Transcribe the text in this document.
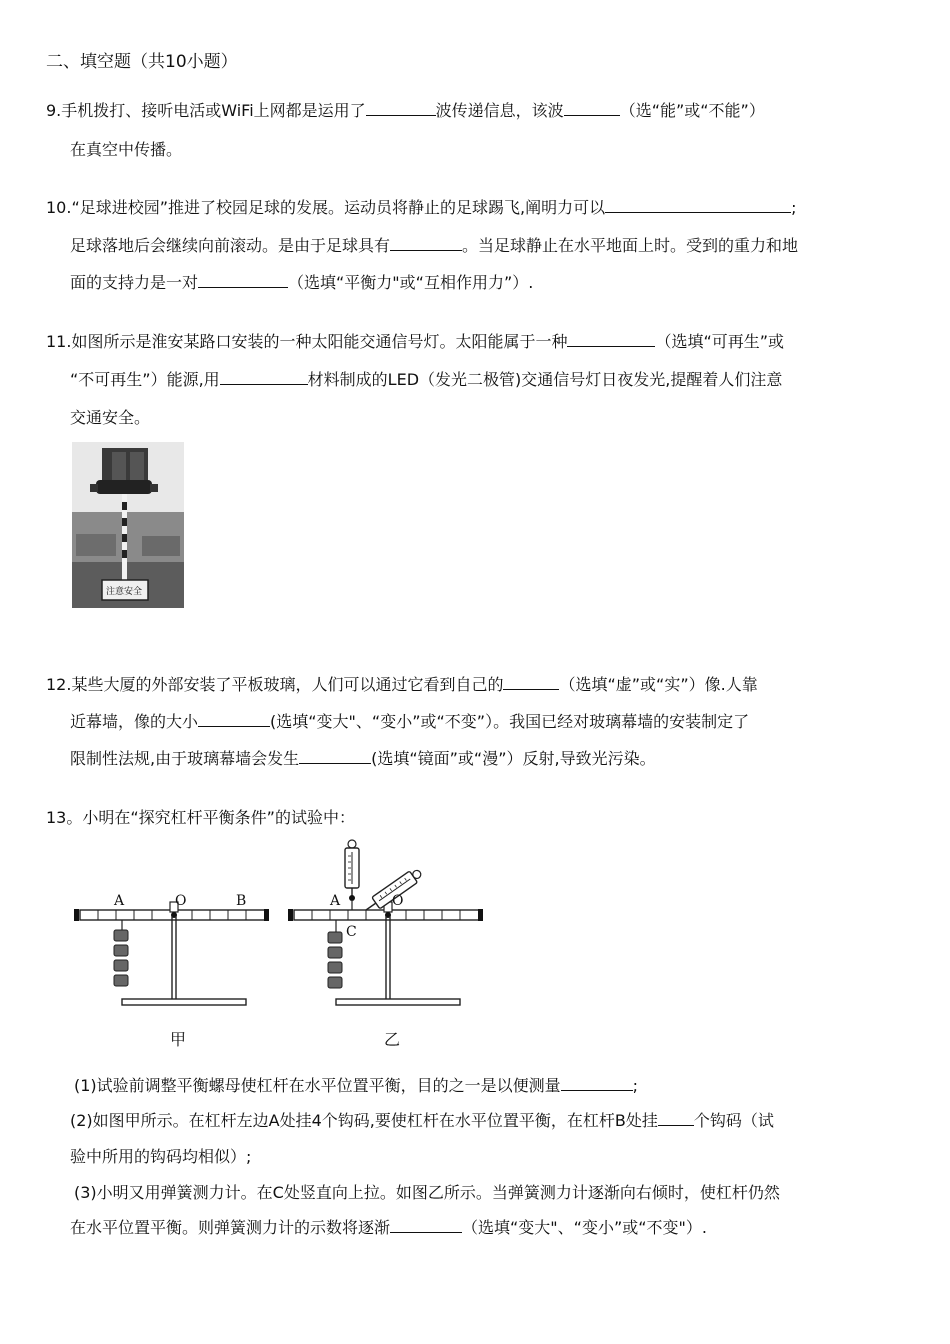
二、填空题（共10小题）
9.手机拨打、接听电活或WiFi上网都是运用了	波传递信息，该波	（选“能”或“不能”）
在真空中传播。
10.“足球进校园”推进了校园足球的发展。运动员将静止的足球踢飞,阐明力可以	;
足球落地后会继续向前滚动。是由于足球具有	。当足球静止在水平地面上时。受到的重力和地
面的支持力是一对	（选填“平衡力"或“互相作用力”）.
11.如图所示是淮安某路口安装的一种太阳能交通信号灯。太阳能属于一种	（选填“可再生”或
“不可再生”）能源,用	材料制成的LED（发光二极管)交通信号灯日夜发光,提醒着人们注意
交通安全。
注意安全
12.某些大厦的外部安装了平板玻璃，人们可以通过它看到自己的	（选填“虚”或“实”）像.人靠
近幕墙，像的大小	(选填“变大"、“变小”或“不变”）。我国已经对玻璃幕墙的安装制定了
限制性法规,由于玻璃幕墙会发生	(选填“镜面”或“漫”）反射,导致光污染。
13。小明在“探究杠杆平衡条件”的试验中：
A	O	B
甲
A	O
C
乙
(1)试验前调整平衡螺母使杠杆在水平位置平衡，目的之一是以便测量	;
(2)如图甲所示。在杠杆左边A处挂4个钩码,要使杠杆在水平位置平衡，在杠杆B处挂 个钩码（试
验中所用的钩码均相似）;
(3)小明又用弹簧测力计。在C处竖直向上拉。如图乙所示。当弹簧测力计逐渐向右倾时，使杠杆仍然
在水平位置平衡。则弹簧测力计的示数将逐渐	（选填“变大"、“变小”或“不变"）.
